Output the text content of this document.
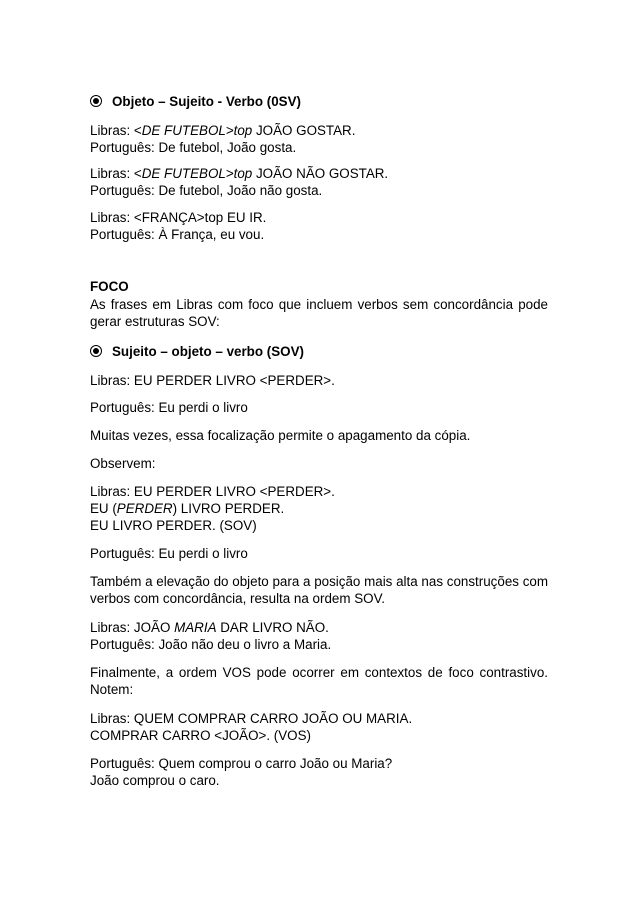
Objeto – Sujeito - Verbo (0SV)
Libras: <DE FUTEBOL>top JOÃO GOSTAR.
Português: De futebol, João gosta.
Libras: <DE FUTEBOL>top JOÃO NÃO GOSTAR.
Português: De futebol, João não gosta.
Libras: <FRANÇA>top EU IR.
Português: À França, eu vou.
FOCO
As frases em Libras com foco que incluem verbos sem concordância pode
gerar estruturas SOV:
Sujeito – objeto – verbo (SOV)
Libras: EU PERDER LIVRO <PERDER>.
Português: Eu perdi o livro
Muitas vezes, essa focalização permite o apagamento da cópia.
Observem:
Libras: EU PERDER LIVRO <PERDER>.
EU (PERDER) LIVRO PERDER.
EU LIVRO PERDER. (SOV)
Português: Eu perdi o livro
Também a elevação do objeto para a posição mais alta nas construções com
verbos com concordância, resulta na ordem SOV.
Libras: JOÃO MARIA DAR LIVRO NÃO.
Português: João não deu o livro a Maria.
Finalmente, a ordem VOS pode ocorrer em contextos de foco contrastivo.
Notem:
Libras: QUEM COMPRAR CARRO JOÃO OU MARIA.
COMPRAR CARRO <JOÃO>. (VOS)
Português: Quem comprou o carro João ou Maria?
João comprou o caro.
